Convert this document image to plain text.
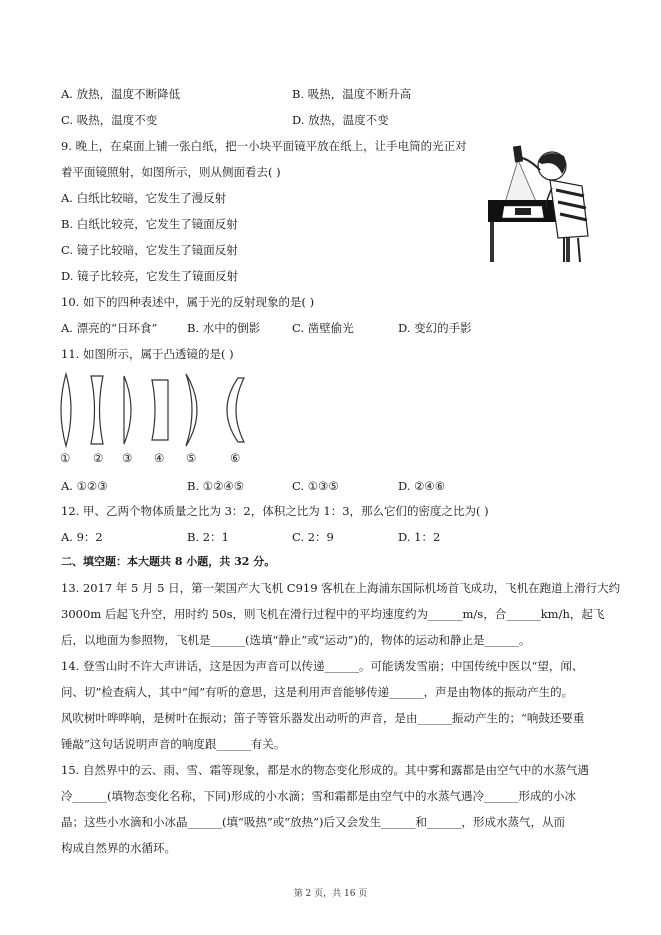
A. 放热，温度不断降低	B. 吸热，温度不断升高
C. 吸热，温度不变	D. 放热，温度不变
9. 晚上，在桌面上铺一张白纸，把一小块平面镜平放在纸上，让手电筒的光正对
着平面镜照射，如图所示，则从侧面看去( )
A. 白纸比较暗，它发生了漫反射
B. 白纸比较亮，它发生了镜面反射
C. 镜子比较暗，它发生了镜面反射
D. 镜子比较亮，它发生了镜面反射
10. 如下的四种表述中，属于光的反射现象的是( )
A. 漂亮的“日环食”	B. 水中的倒影	C. 凿壁偷光	D. 变幻的手影
11. 如图所示，属于凸透镜的是( )
① ② ③ ④ ⑤	⑥
A. ①②③	B. ①②④⑤	C. ①③⑤	D. ②④⑥
12. 甲、乙两个物体质量之比为 3：2，体积之比为 1：3，那么它们的密度之比为( )
A. 9：2	B. 2：1	C. 2：9	D. 1：2
二、填空题：本大题共 8 小题，共 32 分。
13. 2017 年 5 月 5 日，第一架国产大飞机 C919 客机在上海浦东国际机场首飞成功，飞机在跑道上滑行大约
3000m 后起飞升空，用时约 50s，则飞机在滑行过程中的平均速度约为______m/s，合______km/h，起飞
后，以地面为参照物，飞机是______(选填“静止”或“运动”)的，物体的运动和静止是______。
14. 登雪山时不许大声讲话，这是因为声音可以传递______。可能诱发雪崩；中国传统中医以“望，闻、
问、切”检查病人，其中“闻”有听的意思，这是利用声音能够传递______，声是由物体的振动产生的。
风吹树叶哗哗响，是树叶在振动；笛子等管乐器发出动听的声音，是由______振动产生的；“响鼓还要重
锤敲”这句话说明声音的响度跟______有关。
15. 自然界中的云、雨、雪、霜等现象，都是水的物态变化形成的。其中雾和露都是由空气中的水蒸气遇
冷______(填物态变化名称，下同)形成的小水滴；雪和霜都是由空气中的水蒸气遇冷______形成的小冰
晶；这些小水滴和小冰晶______(填“吸热”或“放热”)后又会发生______和______，形成水蒸气，从而
构成自然界的水循环。
第 2 页，共 16 页
